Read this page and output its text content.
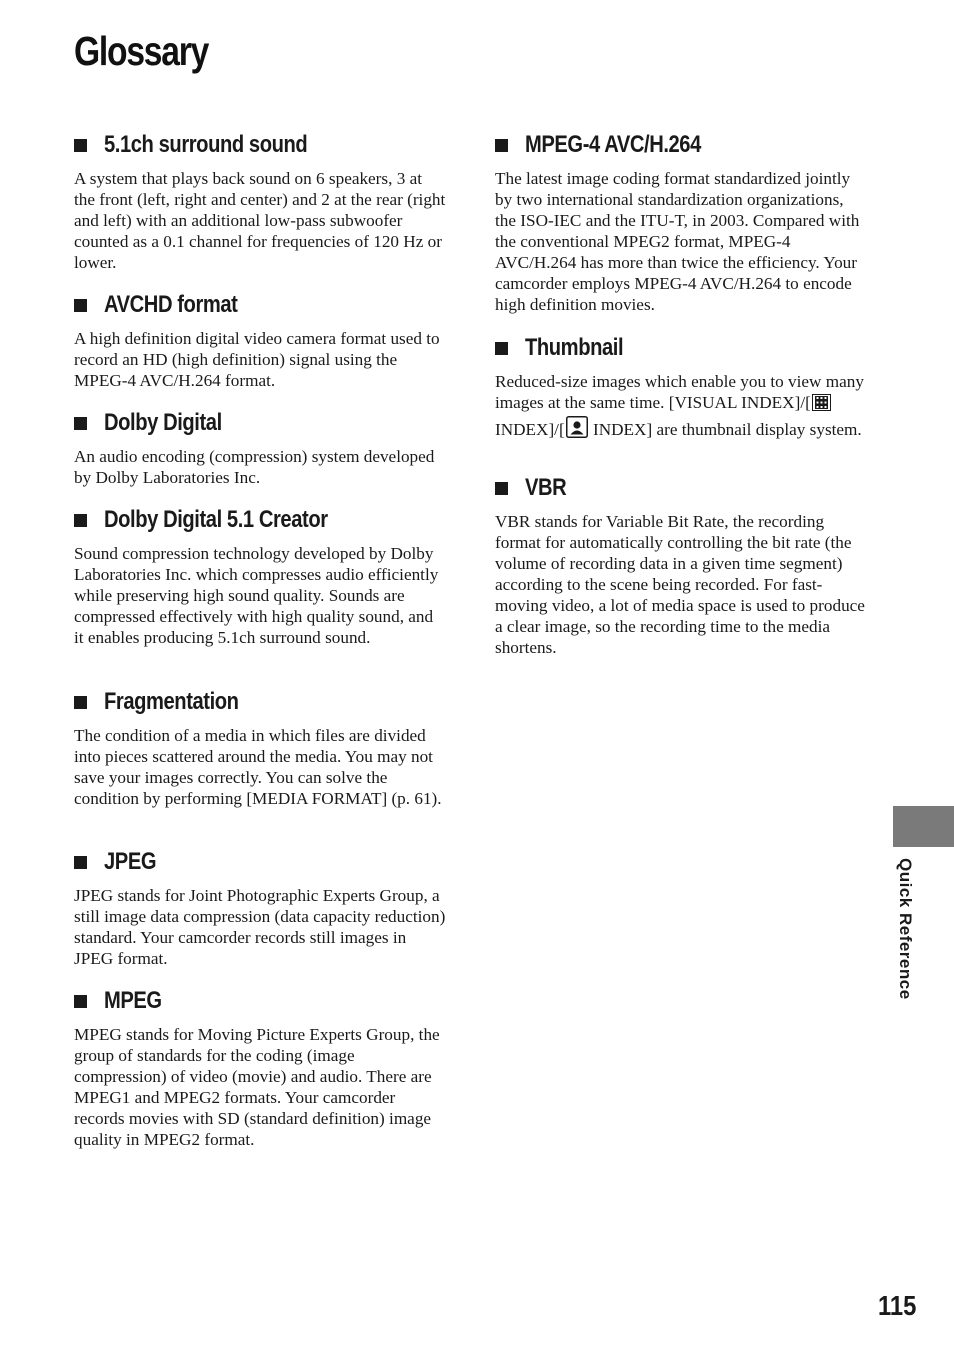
Glossary
5.1ch surround sound

A system that plays back sound on 6 speakers, 3 at the front (left, right and center) and 2 at the rear (right and left) with an additional low-pass subwoofer counted as a 0.1 channel for frequencies of 120 Hz or lower.

AVCHD format

A high definition digital video camera format used to record an HD (high definition) signal using the MPEG-4 AVC/H.264 format.

Dolby Digital

An audio encoding (compression) system developed by Dolby Laboratories Inc.

Dolby Digital 5.1 Creator

Sound compression technology developed by Dolby Laboratories Inc. which compresses audio efficiently while preserving high sound quality. Sounds are compressed effectively with high quality sound, and it enables producing 5.1ch surround sound.

Fragmentation

The condition of a media in which files are divided into pieces scattered around the media. You may not save your images correctly. You can solve the condition by performing [MEDIA FORMAT] (p. 61).

JPEG

JPEG stands for Joint Photographic Experts Group, a still image data compression (data capacity reduction) standard. Your camcorder records still images in JPEG format.

MPEG

MPEG stands for Moving Picture Experts Group, the group of standards for the coding (image compression) of video (movie) and audio. There are MPEG1 and MPEG2 formats. Your camcorder records movies with SD (standard definition) image quality in MPEG2 format.

MPEG-4 AVC/H.264

The latest image coding format standardized jointly by two international standardization organizations, the ISO-IEC and the ITU-T, in 2003. Compared with the conventional MPEG2 format, MPEG-4 AVC/H.264 has more than twice the efficiency. Your camcorder employs MPEG-4 AVC/H.264 to encode high definition movies.

Thumbnail

Reduced-size images which enable you to view many images at the same time. [VISUAL INDEX]/[ INDEX]/[ INDEX] are thumbnail display system.

VBR

VBR stands for Variable Bit Rate, the recording format for automatically controlling the bit rate (the volume of recording data in a given time segment) according to the scene being recorded. For fast-moving video, a lot of media space is used to produce a clear image, so the recording time to the media shortens.

Quick Reference
115
